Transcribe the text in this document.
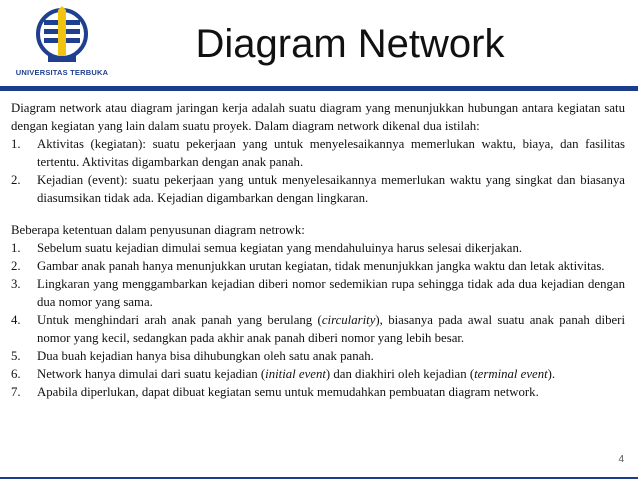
UNIVERSITAS TERBUKA
Diagram Network

Diagram network atau diagram jaringan kerja adalah suatu diagram yang menunjukkan hubungan antara kegiatan satu dengan kegiatan yang lain dalam suatu proyek. Dalam diagram network dikenal dua istilah:

1.	Aktivitas (kegiatan): suatu pekerjaan yang untuk menyelesaikannya memerlukan waktu, biaya, dan fasilitas tertentu. Aktivitas digambarkan dengan anak panah.
2.	Kejadian (event): suatu pekerjaan yang untuk menyelesaikannya memerlukan waktu yang singkat dan biasanya diasumsikan tidak ada. Kejadian digambarkan dengan lingkaran.

Beberapa ketentuan dalam penyusunan diagram netrowk:

1.	Sebelum suatu kejadian dimulai semua kegiatan yang mendahuluinya harus selesai dikerjakan.
2.	Gambar anak panah hanya menunjukkan urutan kegiatan, tidak menunjukkan jangka waktu dan letak aktivitas.
3.	Lingkaran yang menggambarkan kejadian diberi nomor sedemikian rupa sehingga tidak ada dua kejadian dengan dua nomor yang sama.
4.	Untuk menghindari arah anak panah yang berulang (circularity), biasanya pada awal suatu anak panah diberi nomor yang kecil, sedangkan pada akhir anak panah diberi nomor yang lebih besar.
5.	Dua buah kejadian hanya bisa dihubungkan oleh satu anak panah.
6.	Network hanya dimulai dari suatu kejadian (initial event) dan diakhiri oleh kejadian (terminal event).
7.	Apabila diperlukan, dapat dibuat kegiatan semu untuk memudahkan pembuatan diagram network.
4
